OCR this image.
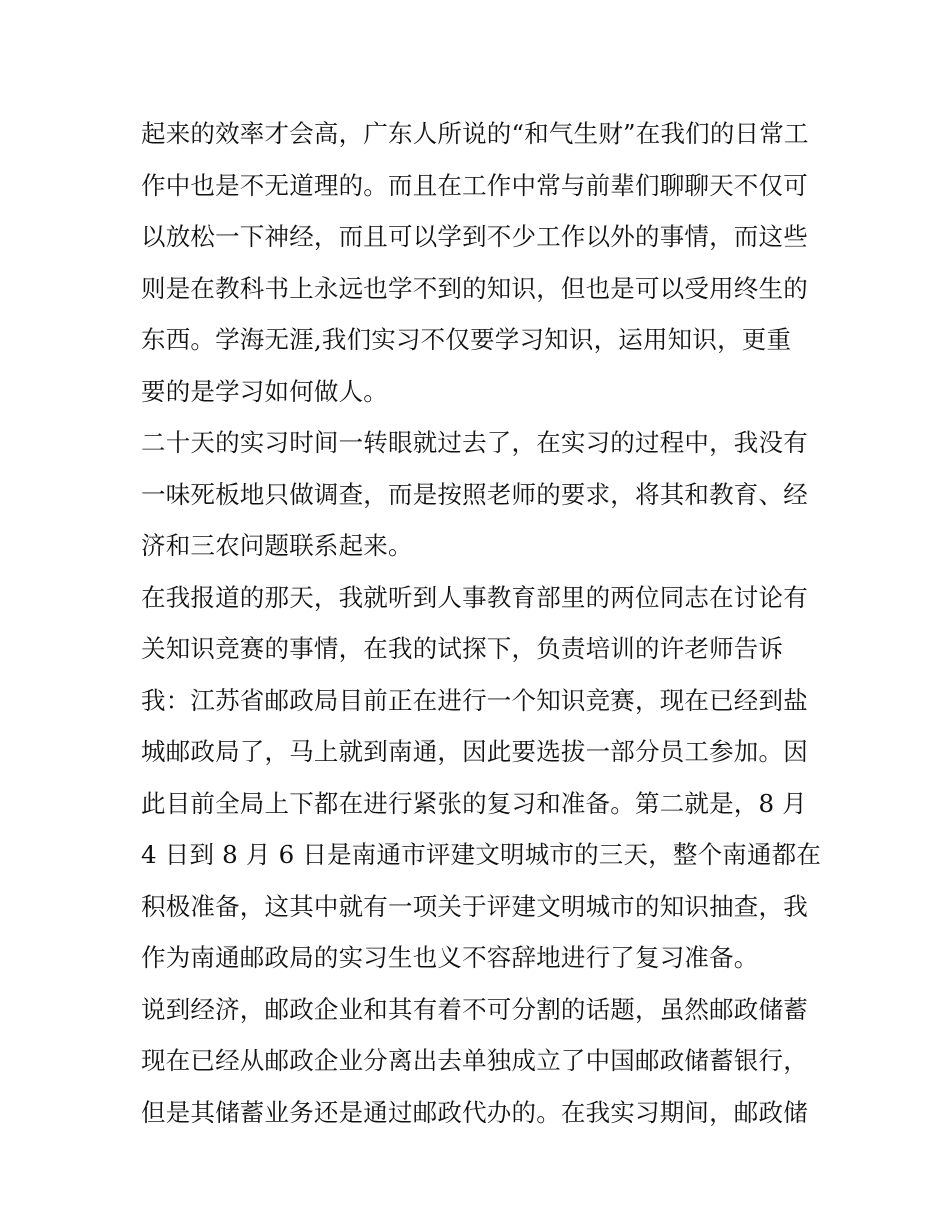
起来的效率才会高，广东人所说的“和气生财”在我们的日常工
作中也是不无道理的。而且在工作中常与前辈们聊聊天不仅可
以放松一下神经，而且可以学到不少工作以外的事情，而这些
则是在教科书上永远也学不到的知识，但也是可以受用终生的
东西。学海无涯,我们实习不仅要学习知识，运用知识，更重
要的是学习如何做人。
二十天的实习时间一转眼就过去了，在实习的过程中，我没有
一味死板地只做调查，而是按照老师的要求，将其和教育、经
济和三农问题联系起来。
在我报道的那天，我就听到人事教育部里的两位同志在讨论有
关知识竞赛的事情，在我的试探下，负责培训的许老师告诉
我：江苏省邮政局目前正在进行一个知识竞赛，现在已经到盐
城邮政局了，马上就到南通，因此要选拔一部分员工参加。因
此目前全局上下都在进行紧张的复习和准备。第二就是，8 月
4 日到 8 月 6 日是南通市评建文明城市的三天，整个南通都在
积极准备，这其中就有一项关于评建文明城市的知识抽查，我
作为南通邮政局的实习生也义不容辞地进行了复习准备。
说到经济，邮政企业和其有着不可分割的话题，虽然邮政储蓄
现在已经从邮政企业分离出去单独成立了中国邮政储蓄银行，
但是其储蓄业务还是通过邮政代办的。在我实习期间，邮政储
